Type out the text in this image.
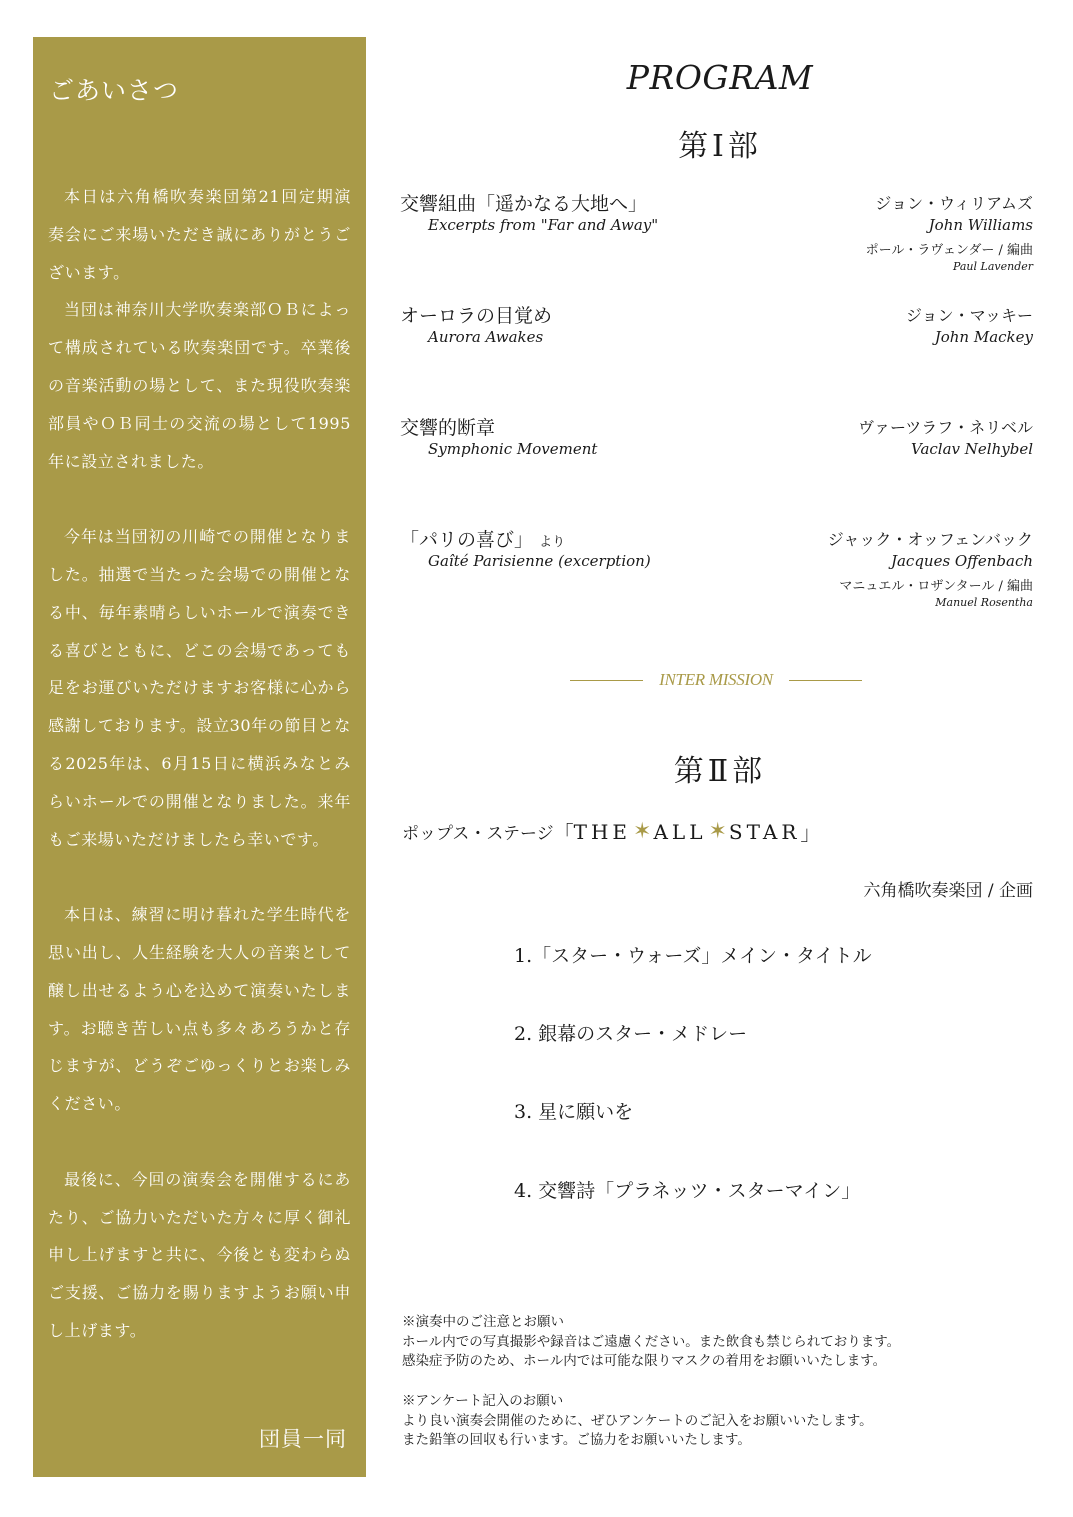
ごあいさつ

本日は六角橋吹奏楽団第21回定期演奏会にご来場いただき誠にありがとうございます。

当団は神奈川大学吹奏楽部ＯＢによって構成されている吹奏楽団です。卒業後の音楽活動の場として、また現役吹奏楽部員やＯＢ同士の交流の場として1995年に設立されました。

今年は当団初の川崎での開催となりました。抽選で当たった会場での開催となる中、毎年素晴らしいホールで演奏できる喜びとともに、どこの会場であっても足をお運びいただけますお客様に心から感謝しております。設立30年の節目となる2025年は、6月15日に横浜みなとみらいホールでの開催となりました。来年もご来場いただけましたら幸いです。

本日は、練習に明け暮れた学生時代を思い出し、人生経験を大人の音楽として醸し出せるよう心を込めて演奏いたします。お聴き苦しい点も多々あろうかと存じますが、どうぞごゆっくりとお楽しみください。

最後に、今回の演奏会を開催するにあたり、ご協力いただいた方々に厚く御礼申し上げますと共に、今後とも変わらぬご支援、ご協力を賜りますようお願い申し上げます。

団員一同
PROGRAM
第Ⅰ部
交響組曲「遥かなる大地へ」
Excerpts from "Far and Away"
ジョン・ウィリアムズ
John Williams
ポール・ラヴェンダー / 編曲
Paul Lavender
オーロラの目覚め
Aurora Awakes
ジョン・マッキー
John Mackey
交響的断章
Symphonic Movement
ヴァーツラフ・ネリベル
Vaclav Nelhybel
「パリの喜び」 より
Gaîté Parisienne (excerption)
ジャック・オッフェンバック
Jacques Offenbach
マニュエル・ロザンタール / 編曲
Manuel Rosentha
INTER MISSION
第Ⅱ部
ポップス・ステージ 「 THE ✶ ALL ✶ STAR 」
六角橋吹奏楽団 / 企画
1.「スター・ウォーズ」メイン・タイトル
2. 銀幕のスター・メドレー
3. 星に願いを
4. 交響詩「プラネッツ・スターマイン」
※演奏中のご注意とお願い
ホール内での写真撮影や録音はご遠慮ください。また飲食も禁じられております。
感染症予防のため、ホール内では可能な限りマスクの着用をお願いいたします。
※アンケート記入のお願い
より良い演奏会開催のために、ぜひアンケートのご記入をお願いいたします。
また鉛筆の回収も行います。ご協力をお願いいたします。
